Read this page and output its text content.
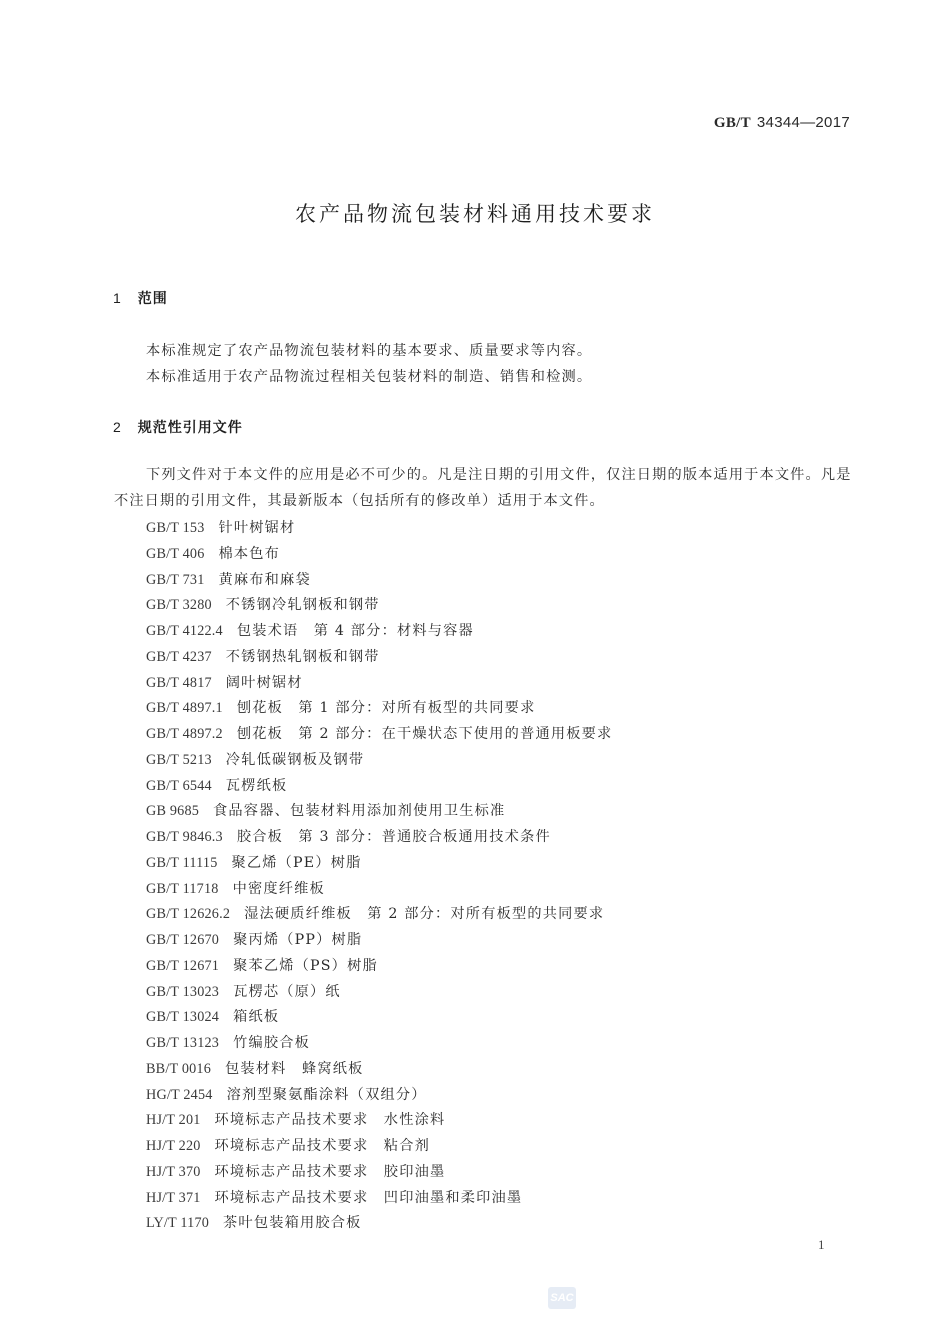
GB/T 34344—2017
农产品物流包装材料通用技术要求
1 范围
本标准规定了农产品物流包装材料的基本要求、质量要求等内容。
本标准适用于农产品物流过程相关包装材料的制造、销售和检测。
2 规范性引用文件
下列文件对于本文件的应用是必不可少的。凡是注日期的引用文件，仅注日期的版本适用于本文件。凡是不注日期的引用文件，其最新版本（包括所有的修改单）适用于本文件。
GB/T 153 针叶树锯材
GB/T 406 棉本色布
GB/T 731 黄麻布和麻袋
GB/T 3280 不锈钢冷轧钢板和钢带
GB/T 4122.4 包装术语　第 4 部分：材料与容器
GB/T 4237 不锈钢热轧钢板和钢带
GB/T 4817 阔叶树锯材
GB/T 4897.1 刨花板　第 1 部分：对所有板型的共同要求
GB/T 4897.2 刨花板　第 2 部分：在干燥状态下使用的普通用板要求
GB/T 5213 冷轧低碳钢板及钢带
GB/T 6544 瓦楞纸板
GB 9685 食品容器、包装材料用添加剂使用卫生标准
GB/T 9846.3 胶合板　第 3 部分：普通胶合板通用技术条件
GB/T 11115 聚乙烯（PE）树脂
GB/T 11718 中密度纤维板
GB/T 12626.2 湿法硬质纤维板　第 2 部分：对所有板型的共同要求
GB/T 12670 聚丙烯（PP）树脂
GB/T 12671 聚苯乙烯（PS）树脂
GB/T 13023 瓦楞芯（原）纸
GB/T 13024 箱纸板
GB/T 13123 竹编胶合板
BB/T 0016 包装材料　蜂窝纸板
HG/T 2454 溶剂型聚氨酯涂料（双组分）
HJ/T 201 环境标志产品技术要求　水性涂料
HJ/T 220 环境标志产品技术要求　粘合剂
HJ/T 370 环境标志产品技术要求　胶印油墨
HJ/T 371 环境标志产品技术要求　凹印油墨和柔印油墨
LY/T 1170 茶叶包装箱用胶合板
1
SAC
